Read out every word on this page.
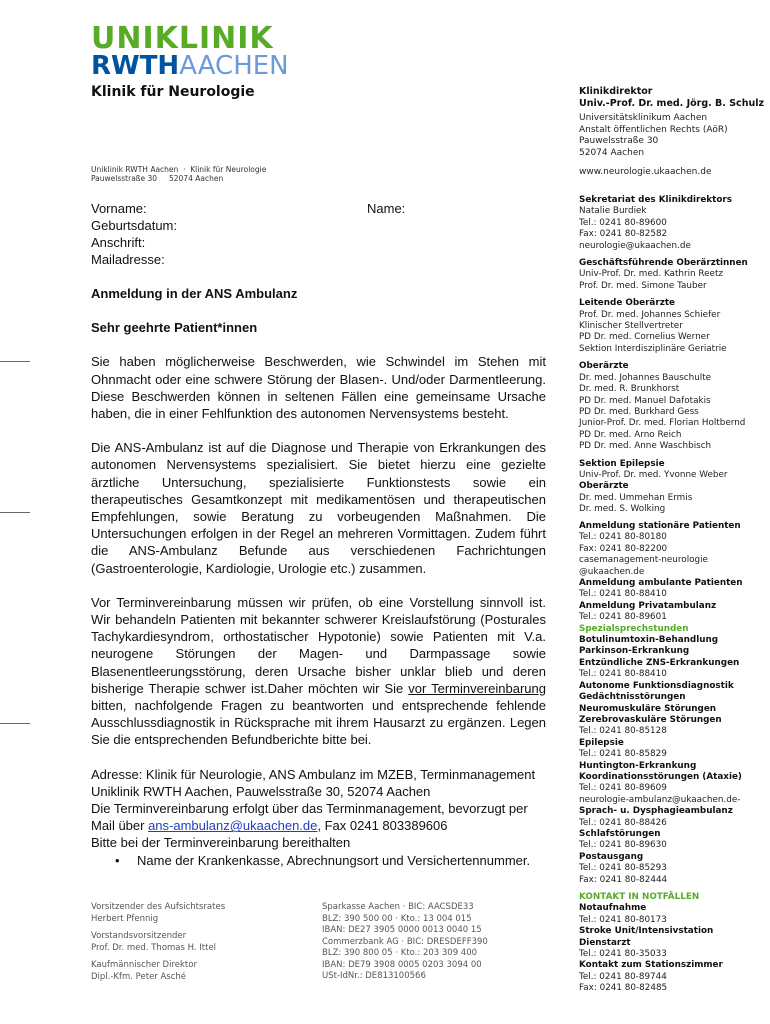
UNIKLINIK
RWTHAACHEN
Klinik für Neurologie
Uniklinik RWTH Aachen  ·  Klinik für Neurologie
Pauwelsstraße 30     52074 Aachen
Vorname:
Geburtsdatum:
Anschrift:
Mailadresse:
Name:

Anmeldung in der ANS Ambulanz

Sehr geehrte Patient*innen

Sie haben möglicherweise Beschwerden, wie Schwindel im Stehen mit Ohnmacht oder eine schwere Störung der Blasen-. Und/oder Darmentleerung. Diese Beschwerden können in seltenen Fällen eine gemeinsame Ursache haben, die in einer Fehlfunktion des autonomen Nervensystems besteht.

Die ANS-Ambulanz ist auf die Diagnose und Therapie von Erkrankungen des autonomen Nervensystems spezialisiert. Sie bietet hierzu eine gezielte ärztliche Untersuchung, spezialisierte Funktionstests sowie ein therapeutisches Gesamtkonzept mit medikamentösen und therapeutischen Empfehlungen, sowie Beratung zu vorbeugenden Maßnahmen. Die Untersuchungen erfolgen in der Regel an mehreren Vormittagen. Zudem führt die ANS-Ambulanz Befunde aus verschiedenen Fachrichtungen (Gastroenterologie, Kardiologie, Urologie etc.) zusammen.

Vor Terminvereinbarung müssen wir prüfen, ob eine Vorstellung sinnvoll ist. Wir behandeln Patienten mit bekannter schwerer Kreislaufstörung (Posturales Tachykardiesyndrom, orthostatischer Hypotonie) sowie Patienten mit V.a. neurogene Störungen der Magen- und Darmpassage sowie Blasenentleerungsstörung, deren Ursache bisher unklar blieb und deren bisherige Therapie schwer ist.Daher möchten wir Sie vor Terminvereinbarung bitten, nachfolgende Fragen zu beantworten und entsprechende fehlende Ausschlussdiagnostik in Rücksprache mit ihrem Hausarzt zu ergänzen. Legen Sie die entsprechenden Befundberichte bitte bei.

Adresse: Klinik für Neurologie, ANS Ambulanz im MZEB, Terminmanagement
Uniklinik RWTH Aachen, Pauwelsstraße 30, 52074 Aachen
Die Terminvereinbarung erfolgt über das Terminmanagement, bevorzugt per
Mail über ans-ambulanz@ukaachen.de, Fax 0241 803389606
Bitte bei der Terminvereinbarung bereithalten
• Name der Krankenkasse, Abrechnungsort und Versichertennummer.
Klinikdirektor
Univ.-Prof. Dr. med. Jörg. B. Schulz
Universitätsklinikum Aachen
Anstalt öffentlichen Rechts (AöR)
Pauwelsstraße 30
52074 Aachen
www.neurologie.ukaachen.de
Sekretariat des Klinikdirektors
Natalie Burdiek
Tel.: 0241 80-89600
Fax: 0241 80-82582
neurologie@ukaachen.de
Geschäftsführende Oberärztinnen
Univ-Prof. Dr. med. Kathrin Reetz
Prof. Dr. med. Simone Tauber
Leitende Oberärzte
Prof. Dr. med. Johannes Schiefer
Klinischer Stellvertreter
PD Dr. med. Cornelius Werner
Sektion Interdisziplinäre Geriatrie
Oberärzte
Dr. med. Johannes Bauschulte
Dr. med. R. Brunkhorst
PD Dr. med. Manuel Dafotakis
PD Dr. med. Burkhard Gess
Junior-Prof. Dr. med. Florian Holtbernd
PD Dr. med. Arno Reich
PD Dr. med. Anne Waschbisch
Sektion Epilepsie
Univ-Prof. Dr. med. Yvonne Weber
Oberärzte
Dr. med. Ummehan Ermis
Dr. med. S. Wolking
Anmeldung stationäre Patienten
Tel.: 0241 80-80180
Fax: 0241 80-82200
casemanagement-neurologie
@ukaachen.de
Anmeldung ambulante Patienten
Tel.: 0241 80-88410
Anmeldung Privatambulanz
Tel.: 0241 80-89601
Spezialsprechstunden
Botulinumtoxin-Behandlung
Parkinson-Erkrankung
Entzündliche ZNS-Erkrankungen
Tel.: 0241 80-88410
Autonome Funktionsdiagnostik
Gedächtnisstörungen
Neuromuskuläre Störungen
Zerebrovaskuläre Störungen
Tel.: 0241 80-85128
Epilepsie
Tel.: 0241 80-85829
Huntington-Erkrankung
Koordinationsstörungen (Ataxie)
Tel.: 0241 80-89609
neurologie-ambulanz@ukaachen.de-
Sprach- u. Dysphagieambulanz
Tel.: 0241 80-88426
Schlafstörungen
Tel.: 0241 80-89630
Postausgang
Tel.: 0241 80-85293
Fax: 0241 80-82444
KONTAKT IN NOTFÄLLEN
Notaufnahme
Tel.: 0241 80-80173
Stroke Unit/Intensivstation
Dienstarzt
Tel.: 0241 80-35033
Kontakt zum Stationszimmer
Tel.: 0241 80-89744
Fax: 0241 80-82485
Vorsitzender des Aufsichtsrates
Herbert Pfennig
Vorstandsvorsitzender
Prof. Dr. med. Thomas H. Ittel
Kaufmännischer Direktor
Dipl.-Kfm. Peter Asché
Sparkasse Aachen · BIC: AACSDE33
BLZ: 390 500 00 · Kto.: 13 004 015
IBAN: DE27 3905 0000 0013 0040 15
Commerzbank AG · BIC: DRESDEFF390
BLZ: 390 800 05 · Kto.: 203 309 400
IBAN: DE79 3908 0005 0203 3094 00
USt-IdNr.: DE813100566
